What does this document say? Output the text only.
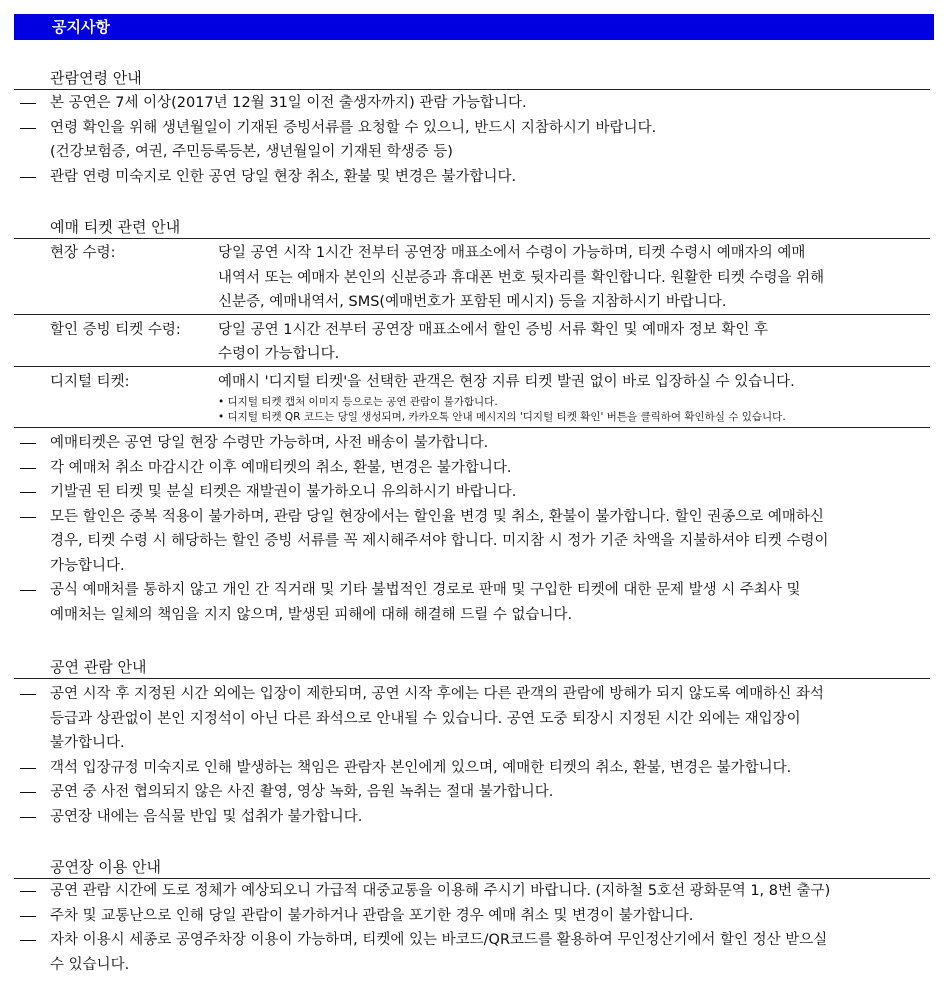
공지사항
관람연령 안내
본 공연은 7세 이상(2017년 12월 31일 이전 출생자까지) 관람 가능합니다.
연령 확인을 위해 생년월일이 기재된 증빙서류를 요청할 수 있으니, 반드시 지참하시기 바랍니다.
(건강보험증, 여권, 주민등록등본, 생년월일이 기재된 학생증 등)
관람 연령 미숙지로 인한 공연 당일 현장 취소, 환불 및 변경은 불가합니다.
예매 티켓 관련 안내
현장 수령:	당일 공연 시작 1시간 전부터 공연장 매표소에서 수령이 가능하며, 티켓 수령시 예매자의 예매
내역서 또는 예매자 본인의 신분증과 휴대폰 번호 뒷자리를 확인합니다. 원활한 티켓 수령을 위해
신분증, 예매내역서, SMS(예매번호가 포함된 메시지) 등을 지참하시기 바랍니다.
할인 증빙 티켓 수령:	당일 공연 1시간 전부터 공연장 매표소에서 할인 증빙 서류 확인 및 예매자 정보 확인 후
수령이 가능합니다.
디지털 티켓:	예매시 '디지털 티켓'을 선택한 관객은 현장 지류 티켓 발권 없이 바로 입장하실 수 있습니다.
• 디지털 티켓 캡처 이미지 등으로는 공연 관람이 불가합니다.
• 디지털 티켓 QR 코드는 당일 생성되며, 카카오톡 안내 메시지의 '디지털 티켓 확인' 버튼을 클릭하여 확인하실 수 있습니다.
예매티켓은 공연 당일 현장 수령만 가능하며, 사전 배송이 불가합니다.
각 예매처 취소 마감시간 이후 예매티켓의 취소, 환불, 변경은 불가합니다.
기발권 된 티켓 및 분실 티켓은 재발권이 불가하오니 유의하시기 바랍니다.
모든 할인은 중복 적용이 불가하며, 관람 당일 현장에서는 할인율 변경 및 취소, 환불이 불가합니다. 할인 권종으로 예매하신
경우, 티켓 수령 시 해당하는 할인 증빙 서류를 꼭 제시해주셔야 합니다. 미지참 시 정가 기준 차액을 지불하셔야 티켓 수령이
가능합니다.
공식 예매처를 통하지 않고 개인 간 직거래 및 기타 불법적인 경로로 판매 및 구입한 티켓에 대한 문제 발생 시 주최사 및
예매처는 일체의 책임을 지지 않으며, 발생된 피해에 대해 해결해 드릴 수 없습니다.
공연 관람 안내
공연 시작 후 지정된 시간 외에는 입장이 제한되며, 공연 시작 후에는 다른 관객의 관람에 방해가 되지 않도록 예매하신 좌석
등급과 상관없이 본인 지정석이 아닌 다른 좌석으로 안내될 수 있습니다. 공연 도중 퇴장시 지정된 시간 외에는 재입장이
불가합니다.
객석 입장규정 미숙지로 인해 발생하는 책임은 관람자 본인에게 있으며, 예매한 티켓의 취소, 환불, 변경은 불가합니다.
공연 중 사전 협의되지 않은 사진 촬영, 영상 녹화, 음원 녹취는 절대 불가합니다.
공연장 내에는 음식물 반입 및 섭취가 불가합니다.
공연장 이용 안내
공연 관람 시간에 도로 정체가 예상되오니 가급적 대중교통을 이용해 주시기 바랍니다. (지하철 5호선 광화문역 1, 8번 출구)
주차 및 교통난으로 인해 당일 관람이 불가하거나 관람을 포기한 경우 예매 취소 및 변경이 불가합니다.
자차 이용시 세종로 공영주차장 이용이 가능하며, 티켓에 있는 바코드/QR코드를 활용하여 무인정산기에서 할인 정산 받으실
수 있습니다.
